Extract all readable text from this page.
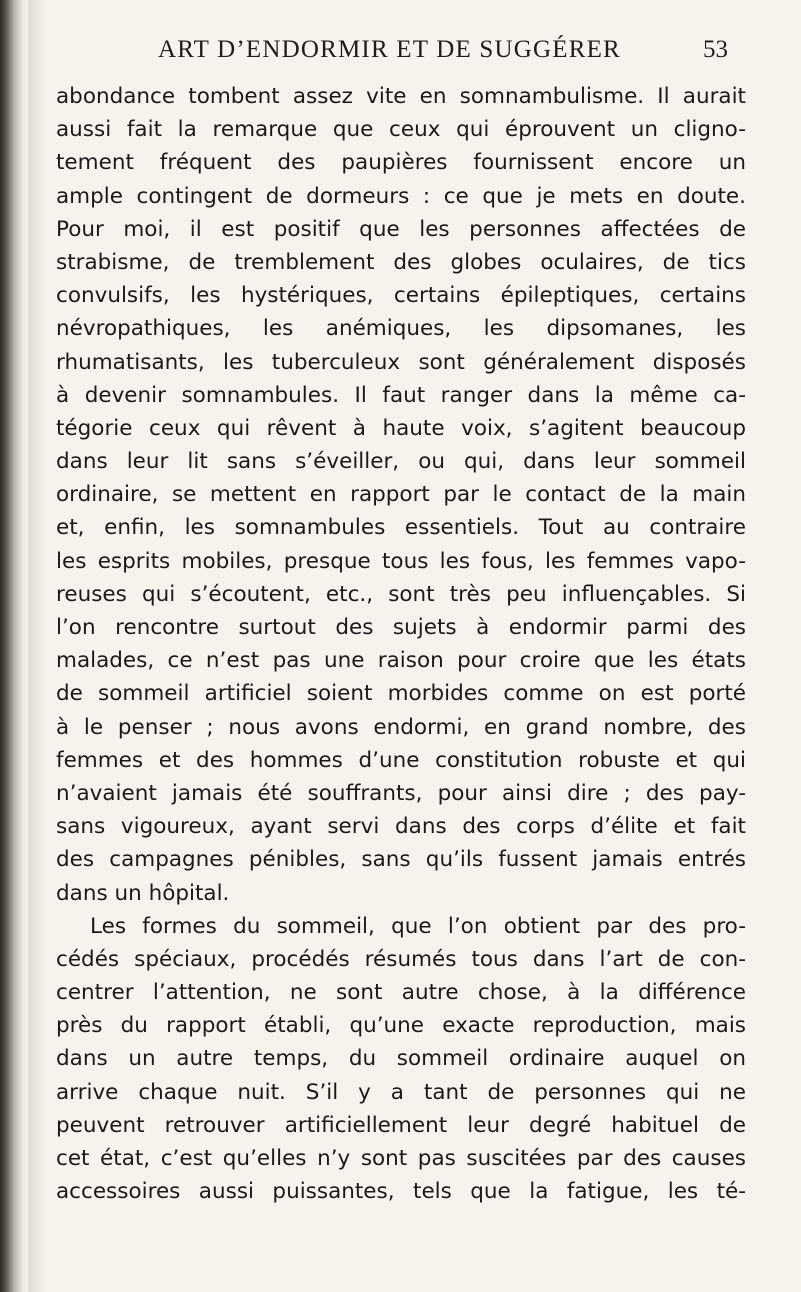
ART D’ENDORMIR ET DE SUGGÉRER	53
abondance tombent assez vite en somnambulisme. Il aurait
aussi fait la remarque que ceux qui éprouvent un cligno-
tement fréquent des paupières fournissent encore un
ample contingent de dormeurs : ce que je mets en doute.
Pour moi, il est positif que les personnes affectées de
strabisme, de tremblement des globes oculaires, de tics
convulsifs, les hystériques, certains épileptiques, certains
névropathiques, les anémiques, les dipsomanes, les
rhumatisants, les tuberculeux sont généralement disposés
à devenir somnambules. Il faut ranger dans la même ca-
tégorie ceux qui rêvent à haute voix, s’agitent beaucoup
dans leur lit sans s’éveiller, ou qui, dans leur sommeil
ordinaire, se mettent en rapport par le contact de la main
et, enfin, les somnambules essentiels. Tout au contraire
les esprits mobiles, presque tous les fous, les femmes vapo-
reuses qui s’écoutent, etc., sont très peu influençables. Si
l’on rencontre surtout des sujets à endormir parmi des
malades, ce n’est pas une raison pour croire que les états
de sommeil artificiel soient morbides comme on est porté
à le penser ; nous avons endormi, en grand nombre, des
femmes et des hommes d’une constitution robuste et qui
n’avaient jamais été souffrants, pour ainsi dire ; des pay-
sans vigoureux, ayant servi dans des corps d’élite et fait
des campagnes pénibles, sans qu’ils fussent jamais entrés
dans un hôpital.
Les formes du sommeil, que l’on obtient par des pro-
cédés spéciaux, procédés résumés tous dans l’art de con-
centrer l’attention, ne sont autre chose, à la différence
près du rapport établi, qu’une exacte reproduction, mais
dans un autre temps, du sommeil ordinaire auquel on
arrive chaque nuit. S’il y a tant de personnes qui ne
peuvent retrouver artificiellement leur degré habituel de
cet état, c’est qu’elles n’y sont pas suscitées par des causes
accessoires aussi puissantes, tels que la fatigue, les té-
